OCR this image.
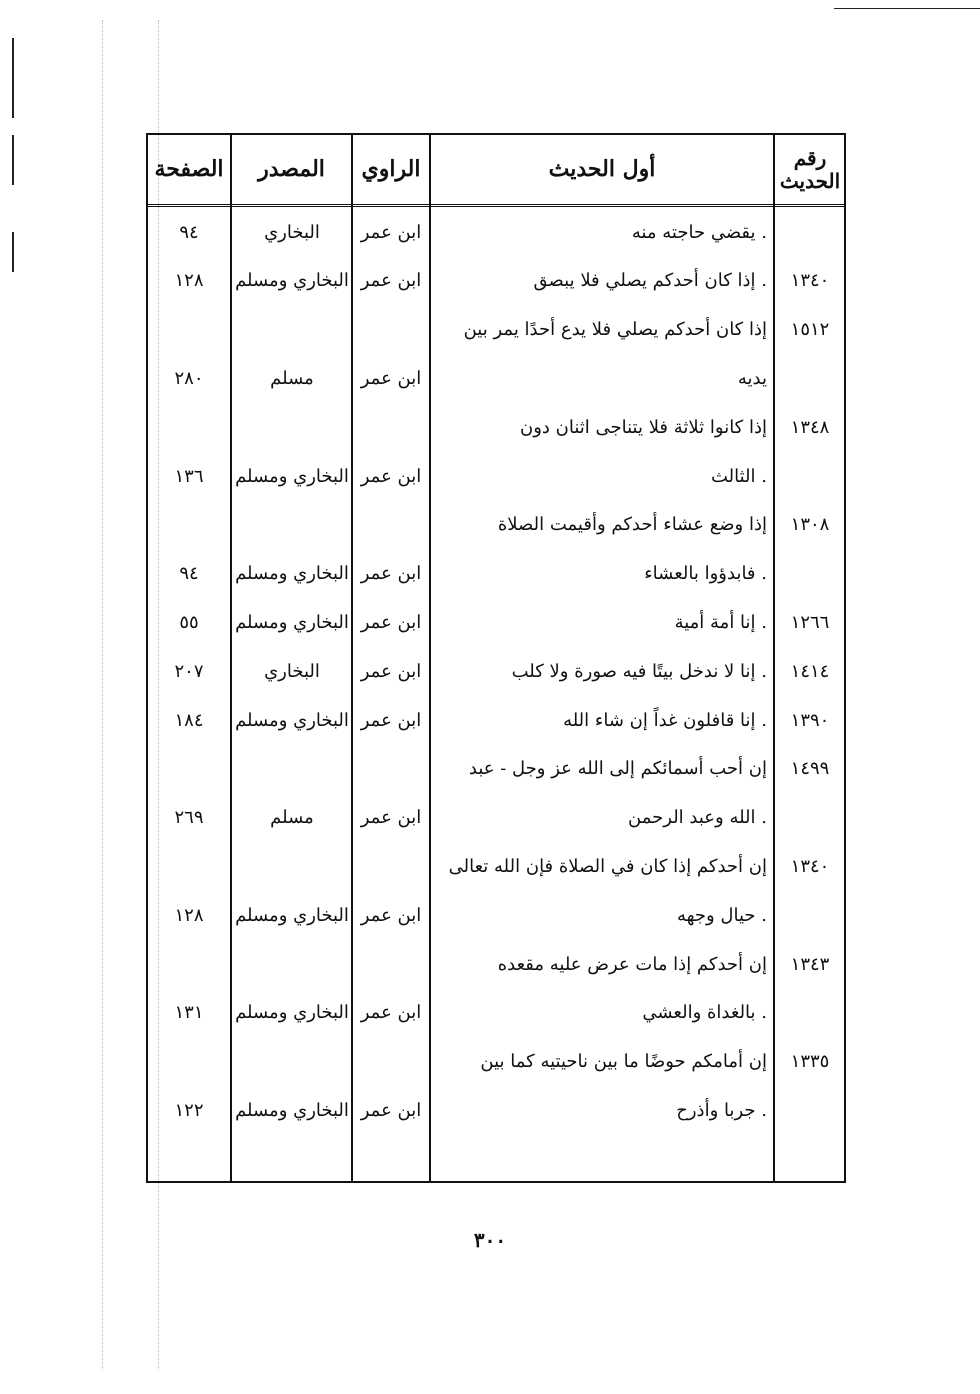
رقم الحديث
أول الحديث
الراوي
المصدر
الصفحة
يقضي حاجته منه .
ابن عمر
البخاري
٩٤
١٣٤٠
إذا كان أحدكم يصلي فلا يبصق .
ابن عمر
البخاري ومسلم
١٢٨
١٥١٢
إذا كان أحدكم يصلي فلا يدع أحدًا يمر بين
يديه
ابن عمر
مسلم
٢٨٠
١٣٤٨
إذا كانوا ثلاثة فلا يتناجى اثنان دون
الثالث .
ابن عمر
البخاري ومسلم
١٣٦
١٣٠٨
إذا وضع عشاء أحدكم وأقيمت الصلاة
فابدؤوا بالعشاء .
ابن عمر
البخاري ومسلم
٩٤
١٢٦٦
إنا أمة أمية .
ابن عمر
البخاري ومسلم
٥٥
١٤١٤
إنا لا ندخل بيتًا فيه صورة ولا كلب .
ابن عمر
البخاري
٢٠٧
١٣٩٠
إنا قافلون غداً إن شاء الله .
ابن عمر
البخاري ومسلم
١٨٤
١٤٩٩
إن أحب أسمائكم إلى الله عز وجل - عبد
الله وعبد الرحمن .
ابن عمر
مسلم
٢٦٩
١٣٤٠
إن أحدكم إذا كان في الصلاة فإن الله تعالى
حيال وجهه .
ابن عمر
البخاري ومسلم
١٢٨
١٣٤٣
إن أحدكم إذا مات عرض عليه مقعده
بالغداة والعشي .
ابن عمر
البخاري ومسلم
١٣١
١٣٣٥
إن أمامكم حوضًا ما بين ناحيتيه كما بين
جربا وأذرح .
ابن عمر
البخاري ومسلم
١٢٢
٣٠٠
